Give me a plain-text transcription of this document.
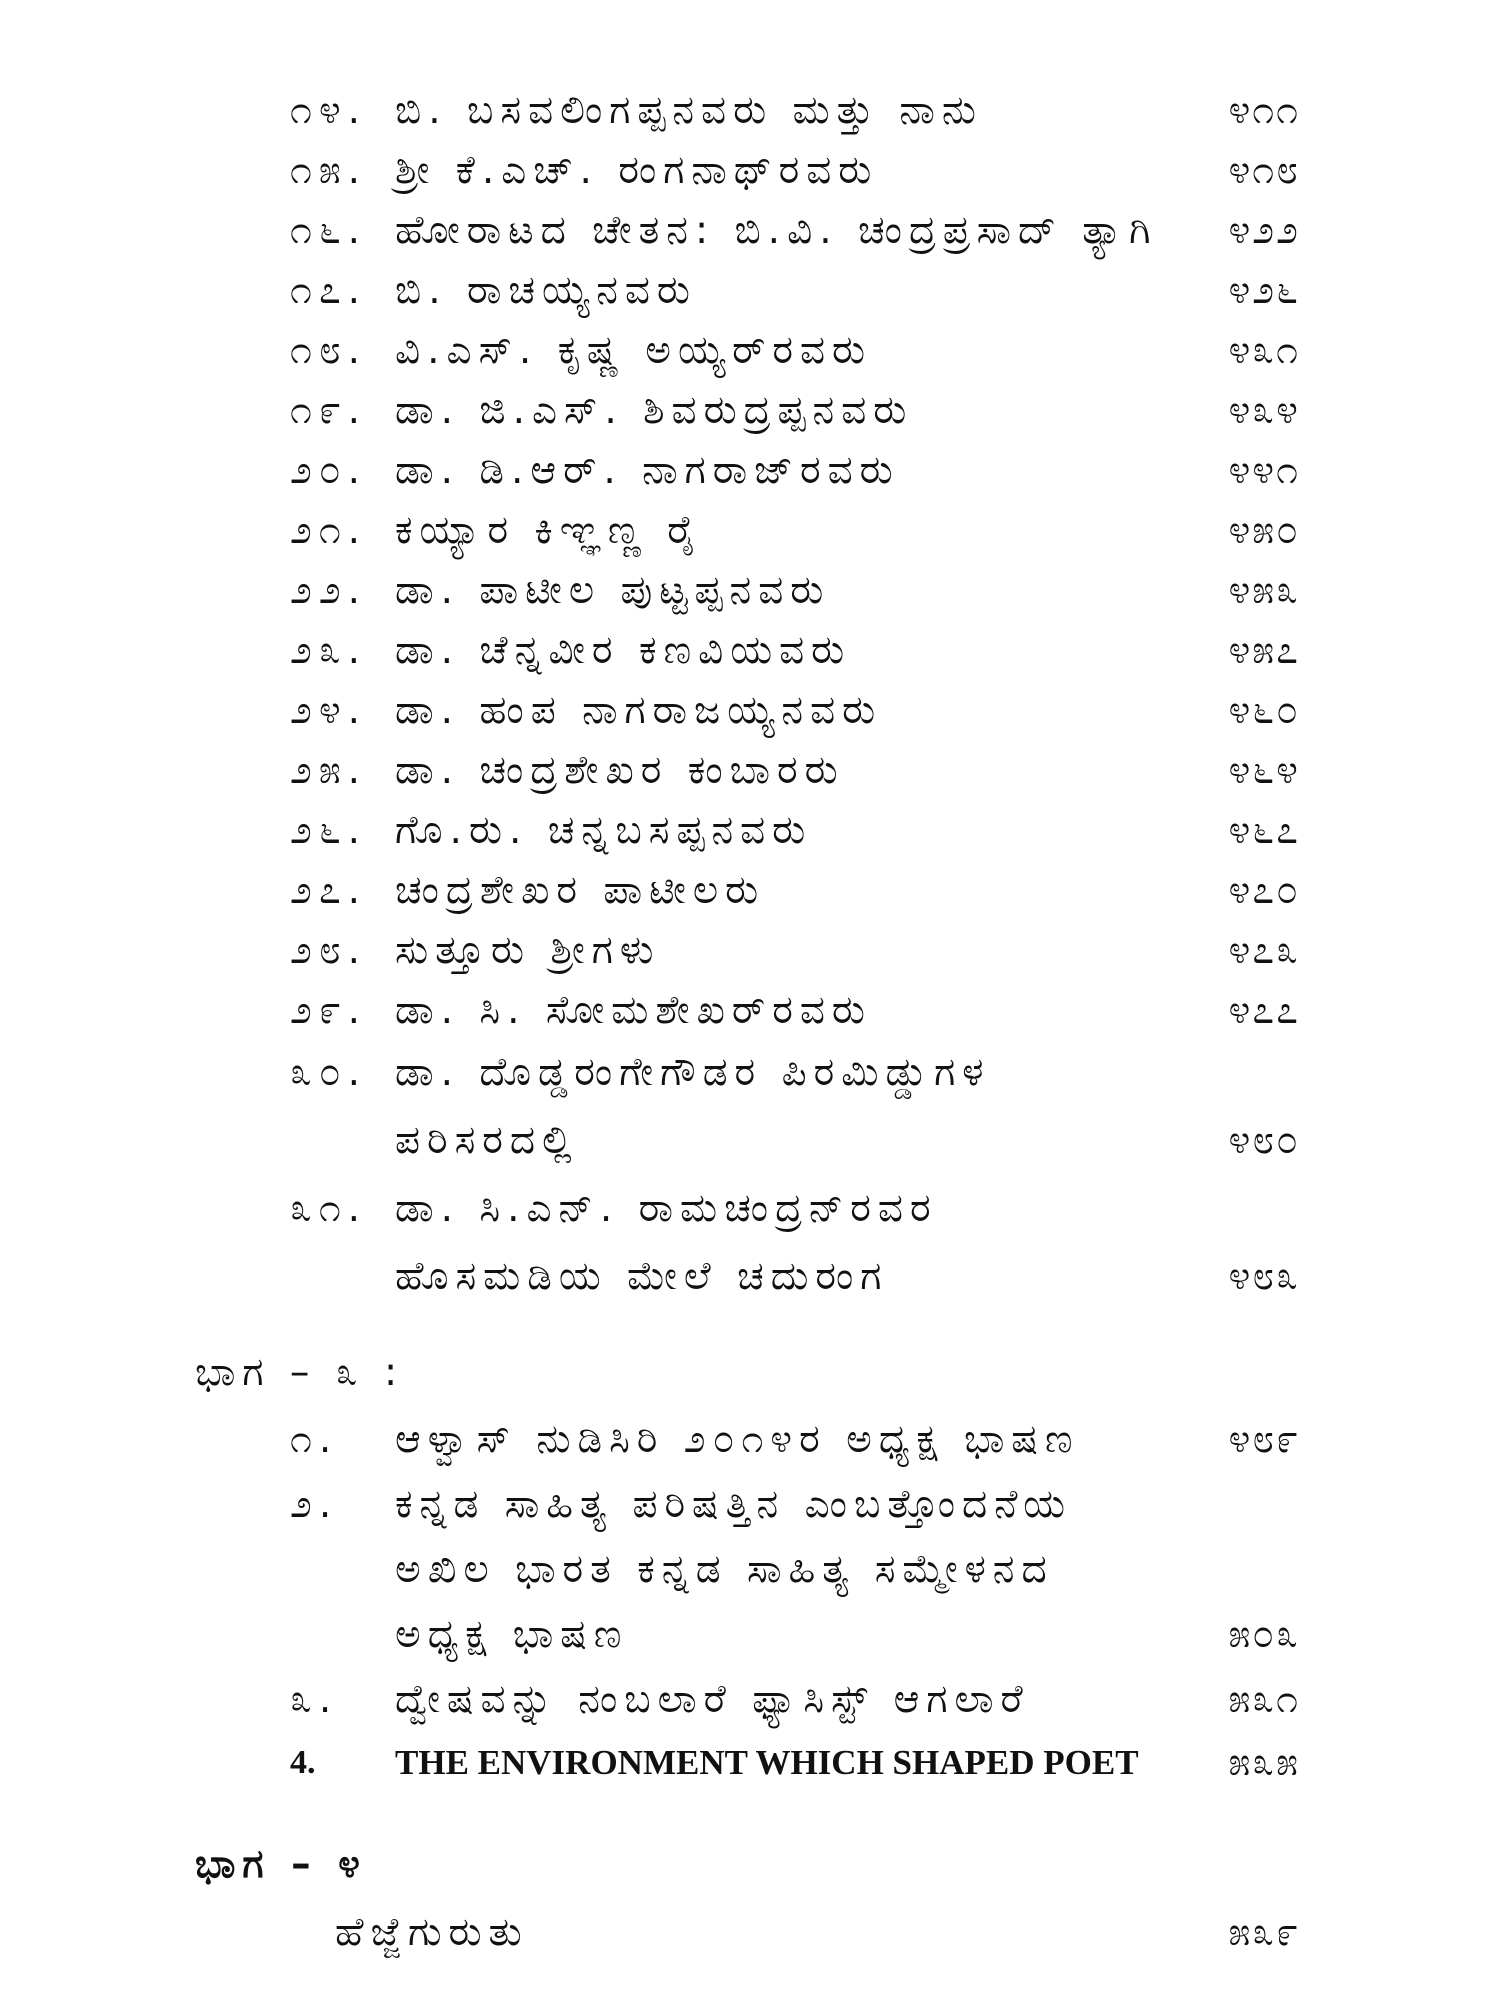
೧೪. ಬಿ. ಬಸವಲಿಂಗಪ್ಪನವರು ಮತ್ತು ನಾನು	೪೧೧
೧೫. ಶ್ರೀ ಕೆ.ಎಚ್. ರಂಗನಾಥ್‌ರವರು	೪೧೮
೧೬. ಹೋರಾಟದ ಚೇತನ: ಬಿ.ವಿ. ಚಂದ್ರಪ್ರಸಾದ್ ತ್ಯಾಗಿ ೪೨೨
೧೭. ಬಿ. ರಾಚಯ್ಯನವರು	೪೨೬
೧೮. ವಿ.ಎಸ್. ಕೃಷ್ಣ ಅಯ್ಯರ್‌ರವರು	೪೩೧
೧೯. ಡಾ. ಜಿ.ಎಸ್. ಶಿವರುದ್ರಪ್ಪನವರು	೪೩೪
೨೦. ಡಾ. ಡಿ.ಆರ್. ನಾಗರಾಜ್‌ರವರು	೪೪೧
೨೧. ಕಯ್ಯಾರ ಕಿಞ್ಞಣ್ಣ ರೈ	೪೫೦
೨೨. ಡಾ. ಪಾಟೀಲ ಪುಟ್ಟಪ್ಪನವರು	೪೫೩
೨೩. ಡಾ. ಚೆನ್ನವೀರ ಕಣವಿಯವರು	೪೫೭
೨೪. ಡಾ. ಹಂಪ ನಾಗರಾಜಯ್ಯನವರು	೪೬೦
೨೫. ಡಾ. ಚಂದ್ರಶೇಖರ ಕಂಬಾರರು	೪೬೪
೨೬. ಗೊ.ರು. ಚನ್ನಬಸಪ್ಪನವರು	೪೬೭
೨೭. ಚಂದ್ರಶೇಖರ ಪಾಟೀಲರು	೪೭೦
೨೮. ಸುತ್ತೂರು ಶ್ರೀಗಳು	೪೭೩
೨೯. ಡಾ. ಸಿ. ಸೋಮಶೇಖರ್‌ರವರು	೪೭೭
೩೦. ಡಾ. ದೊಡ್ಡರಂಗೇಗೌಡರ ಪಿರಮಿಡ್ಡುಗಳ
ಪರಿಸರದಲ್ಲಿ	೪೮೦
೩೧. ಡಾ. ಸಿ.ಎನ್. ರಾಮಚಂದ್ರನ್‌ರವರ
ಹೊಸಮಡಿಯ ಮೇಲೆ ಚದುರಂಗ	೪೮೩
ಭಾಗ – ೩ :
೧. ಆಳ್ವಾಸ್ ನುಡಿಸಿರಿ ೨೦೧೪ರ ಅಧ್ಯಕ್ಷ ಭಾಷಣ	೪೮೯
೨. ಕನ್ನಡ ಸಾಹಿತ್ಯ ಪರಿಷತ್ತಿನ ಎಂಬತ್ತೊಂದನೆಯ
ಅಖಿಲ ಭಾರತ ಕನ್ನಡ ಸಾಹಿತ್ಯ ಸಮ್ಮೇಳನದ
ಅಧ್ಯಕ್ಷ ಭಾಷಣ	೫೦೩
೩. ದ್ವೇಷವನ್ನು ನಂಬಲಾರೆ ಫ್ಯಾಸಿಸ್ಟ್ ಆಗಲಾರೆ	೫೩೧
4. THE ENVIRONMENT WHICH SHAPED POET ೫೩೫
ಭಾಗ – ೪
ಹೆಜ್ಜೆಗುರುತು	೫೩೯
